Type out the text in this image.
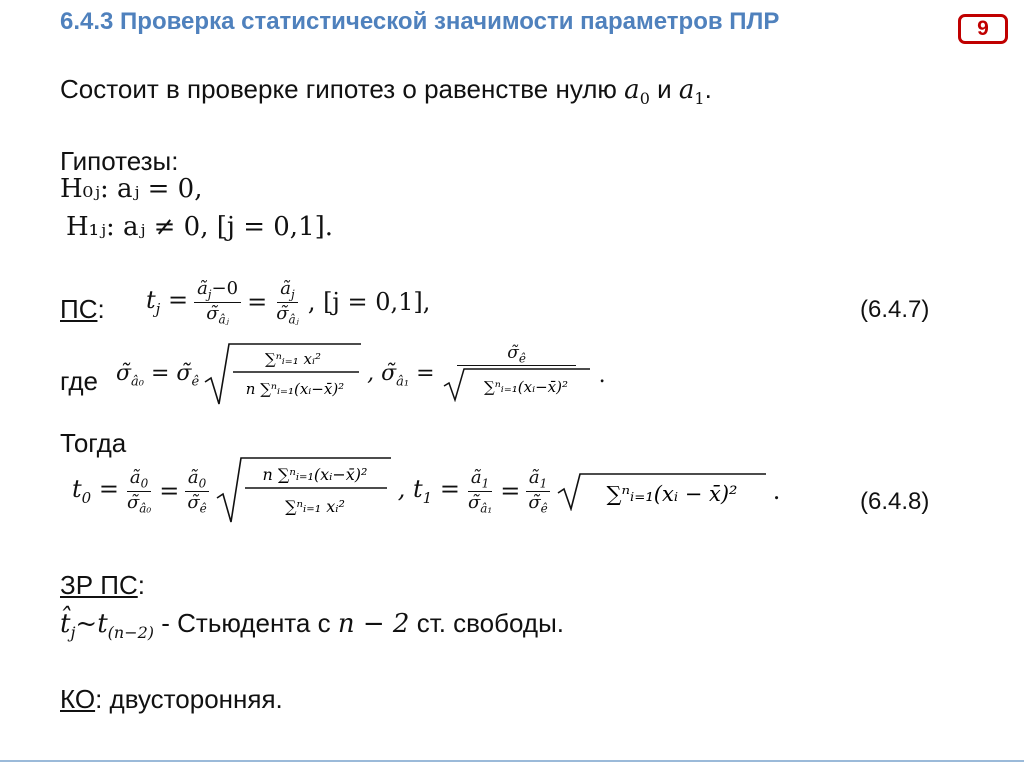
6.4.3 Проверка статистической значимости параметров ПЛР	9
Состоит в проверке гипотез о равенстве нулю $a_0$ и $a_1$.
Гипотезы:
H₀ⱼ: aⱼ = 0,
H₁ⱼ: aⱼ ≠ 0, [j = 0,1].
ПС: $t_j = \frac{ã_j-0}{\sigmã_{âⱼ}} = \frac{ã_j}{\sigmã_{âⱼ}}$ , [j = 0,1],	(6.4.7)
где $\sigmã_{â_0}$ = $\sigmã_ê$
∑ⁿᵢ₌₁ xᵢ²
n ∑ⁿᵢ₌₁(xᵢ−x̄)²
, $\sigmã_{â_1} = \frac{\sigmã_ê}{\text{∑ⁿᵢ₌₁(xᵢ−x̄)²}}$ .
Тогда
$t_0 = \frac{ã_0}{\sigmã_{â_0}} = \frac{ã_0}{\sigmã_ê}$	n ∑ⁿᵢ₌₁(xᵢ−x̄)²
∑ⁿᵢ₌₁ xᵢ²
, $t_1 = \frac{ã_1}{\sigmã_{â_1}} = \frac{ã_1}{\sigmã_ê}$	∑ⁿᵢ₌₁(xᵢ − x̄)² .	(6.4.8)
ЗР ПС:
$t̂_j\sim t_{(n-2)}$ - Стьюдента с n − 2 ст. свободы.
КО: двусторонняя.
